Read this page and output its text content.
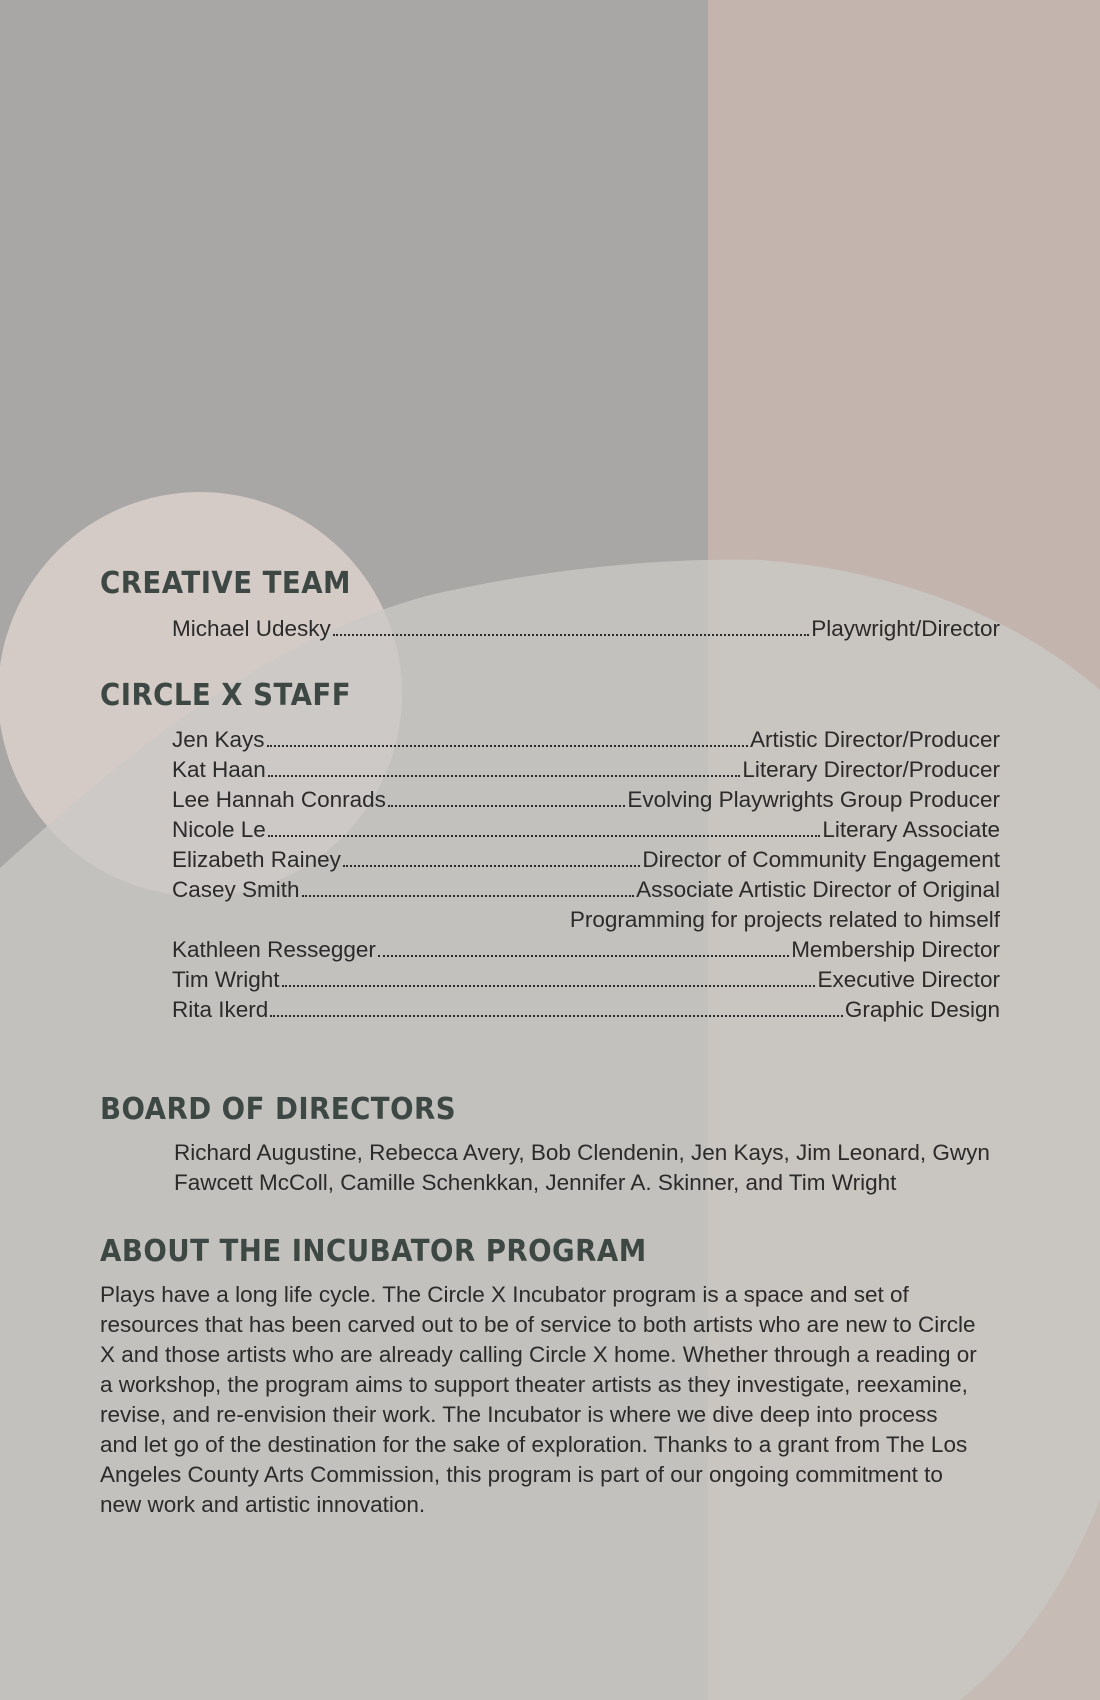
CREATIVE TEAM
Michael Udesky	Playwright/Director
CIRCLE X STAFF
Jen Kays	Artistic Director/Producer
Kat Haan	Literary Director/Producer
Lee Hannah Conrads	Evolving Playwrights Group Producer
Nicole Le	Literary Associate
Elizabeth Rainey	Director of Community Engagement
Casey Smith	Associate Artistic Director of Original
Programming for projects related to himself
Kathleen Ressegger	Membership Director
Tim Wright	Executive Director
Rita Ikerd	Graphic Design
BOARD OF DIRECTORS

Richard Augustine, Rebecca Avery, Bob Clendenin, Jen Kays, Jim Leonard, Gwyn Fawcett McColl, Camille Schenkkan, Jennifer A. Skinner, and Tim Wright

ABOUT THE INCUBATOR PROGRAM

Plays have a long life cycle. The Circle X Incubator program is a space and set of resources that has been carved out to be of service to both artists who are new to Circle X and those artists who are already calling Circle X home. Whether through a reading or a workshop, the program aims to support theater artists as they investigate, reexamine, revise, and re-envision their work. The Incubator is where we dive deep into process and let go of the destination for the sake of exploration. Thanks to a grant from The Los Angeles County Arts Commission, this program is part of our ongoing commitment to new work and artistic innovation.
